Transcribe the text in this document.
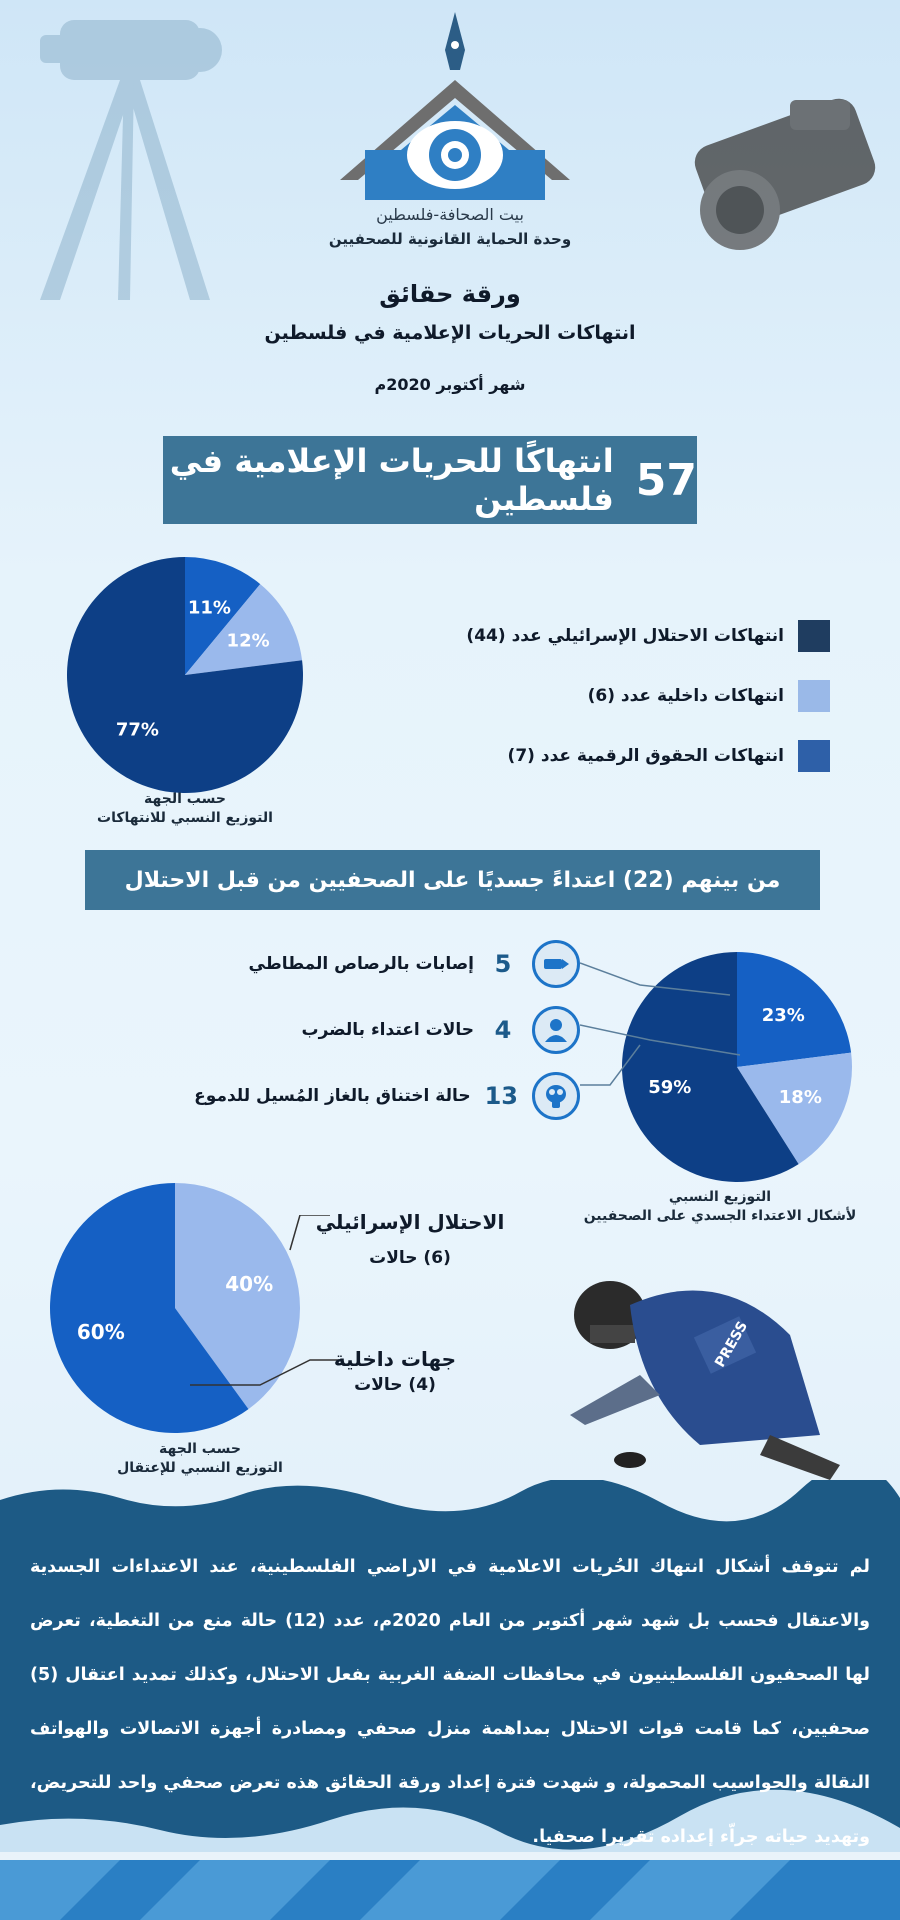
بيت الصحافة-فلسطين
وحدة الحماية القانونية للصحفيين
ورقة حقائق
انتهاكات الحريات الإعلامية في فلسطين
شهر أكتوبر 2020م
57
انتهاكًا للحريات الإعلامية في فلسطين
11%
12%
77%
حسب الجهة
التوزيع النسبي للانتهاكات
انتهاكات الاحتلال الإسرائيلي عدد (44)
انتهاكات داخلية عدد (6)
انتهاكات الحقوق الرقمية عدد (7)
من بينهم (22) اعتداءً جسديًا على الصحفيين من قبل الاحتلال
5
إصابات بالرصاص المطاطي
4
حالات اعتداء بالضرب
13
حالة اختناق بالغاز المُسيل للدموع
23%
18%
59%
التوزيع النسبي
لأشكال الاعتداء الجسدي على الصحفيين
40%
60%
حسب الجهة
التوزيع النسبي للإعتقال
الاحتلال الإسرائيلي
(6) حالات
جهات داخلية
(4) حالات
PRESS
لم تتوقف أشكال انتهاك الحُريات الاعلامية في الاراضي الفلسطينية، عند الاعتداءات الجسدية والاعتقال فحسب بل شهد شهر أكتوبر من العام 2020م، عدد (12) حالة منع من التغطية، تعرض لها الصحفيون الفلسطينيون في محافظات الضفة الغربية بفعل الاحتلال، وكذلك تمديد اعتقال (5) صحفيين، كما قامت قوات الاحتلال بمداهمة منزل صحفي ومصادرة أجهزة الاتصالات والهواتف النقالة والحواسيب المحمولة، و شهدت فترة إعداد ورقة الحقائق هذه تعرض صحفي واحد للتحريض، وتهديد حياته جراّء إعداده تقريرا صحفيا.
